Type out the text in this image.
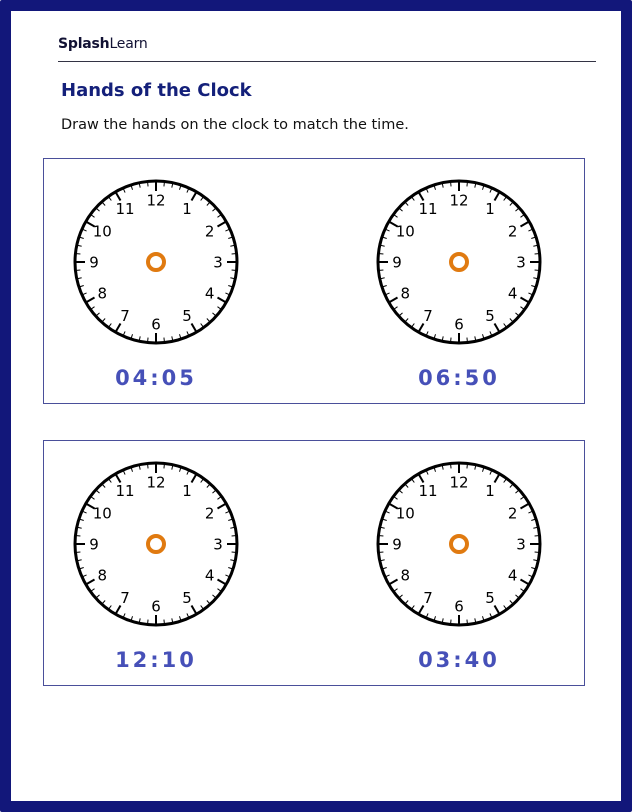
SplashLearn
Hands of the Clock

Draw the hands on the clock to match the time.

12 1
2
3
4
5
6
7
8
9
10
11
04:05
12 1
2
3
4
5
6
7
8
9
10
11
06:50
12 1
2
3
4
5
6
7
8
9
10
11
12:10
12 1
2
3
4
5
6
7
8
9
10
11
03:40
